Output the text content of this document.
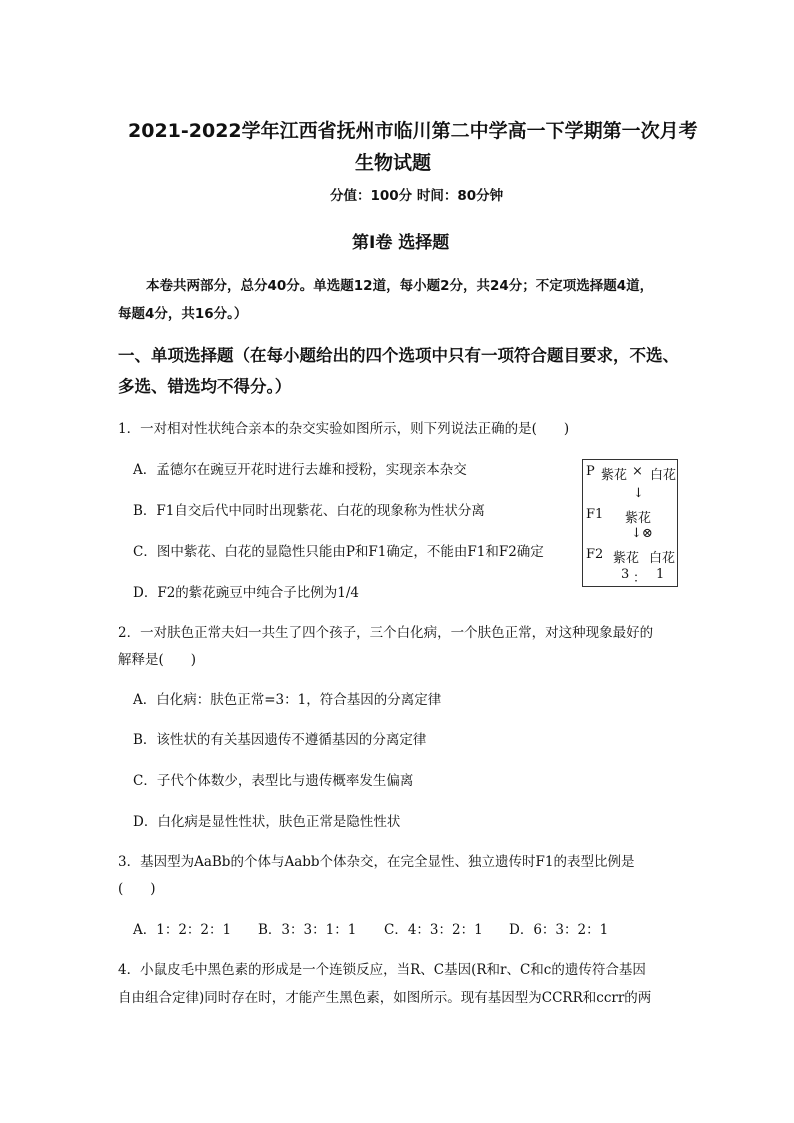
2021-2022学年江西省抚州市临川第二中学高一下学期第一次月考
生物试题
分值：100分 时间：80分钟
第Ⅰ卷 选择题
本卷共两部分，总分40分。单选题12道，每小题2分，共24分；不定项选择题4道，
每题4分，共16分。）
一、单项选择题（在每小题给出的四个选项中只有一项符合题目要求，不选、
多选、错选均不得分。）
1．一对相对性状纯合亲本的杂交实验如图所示，则下列说法正确的是(　　)
A．孟德尔在豌豆开花时进行去雄和授粉，实现亲本杂交
B．F1自交后代中同时出现紫花、白花的现象称为性状分离
C．图中紫花、白花的显隐性只能由P和F1确定，不能由F1和F2确定
D．F2的紫花豌豆中纯合子比例为1/4
P 紫花 × 白花
↓
F1 紫花
↓⊗
F2 紫花 白花
3 ： 1
2．一对肤色正常夫妇一共生了四个孩子，三个白化病，一个肤色正常，对这种现象最好的
解释是(　　)
A．白化病：肤色正常=3：1，符合基因的分离定律
B．该性状的有关基因遗传不遵循基因的分离定律
C．子代个体数少，表型比与遗传概率发生偏离
D．白化病是显性性状，肤色正常是隐性性状
3．基因型为AaBb的个体与Aabb个体杂交，在完全显性、独立遗传时F1的表型比例是
(　　)
A．1：2：2：1 B．3：3：1：1 C．4：3：2：1 D．6：3：2：1
4．小鼠皮毛中黑色素的形成是一个连锁反应，当R、C基因(R和r、C和c的遗传符合基因
自由组合定律)同时存在时，才能产生黑色素，如图所示。现有基因型为CCRR和ccrr的两
